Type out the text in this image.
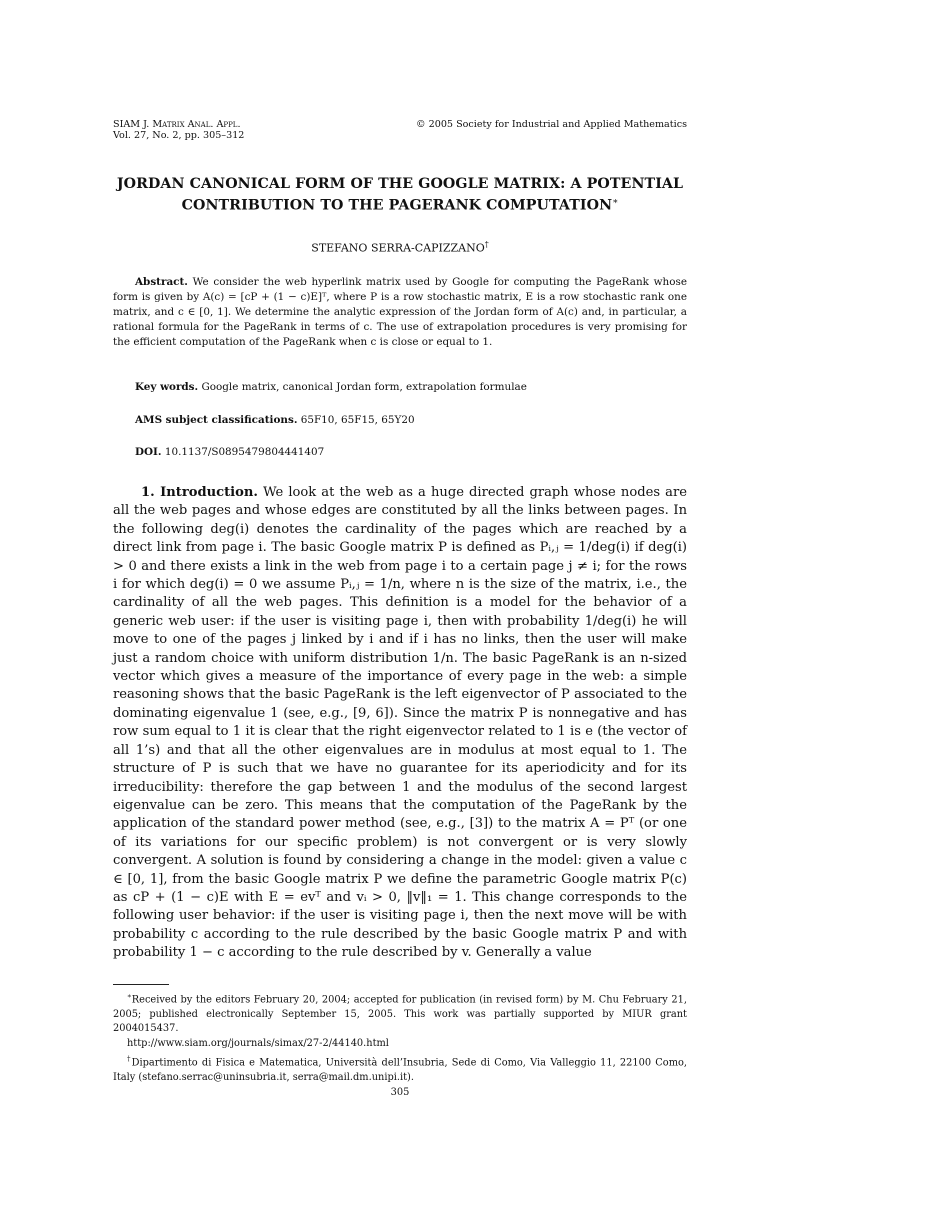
SIAM J. Matrix Anal. Appl.
Vol. 27, No. 2, pp. 305–312
© 2005 Society for Industrial and Applied Mathematics
JORDAN CANONICAL FORM OF THE GOOGLE MATRIX: A POTENTIAL CONTRIBUTION TO THE PAGERANK COMPUTATION∗
STEFANO SERRA-CAPIZZANO†
Abstract. We consider the web hyperlink matrix used by Google for computing the PageRank whose form is given by A(c) = [cP + (1 − c)E]ᵀ, where P is a row stochastic matrix, E is a row stochastic rank one matrix, and c ∈ [0, 1]. We determine the analytic expression of the Jordan form of A(c) and, in particular, a rational formula for the PageRank in terms of c. The use of extrapolation procedures is very promising for the efficient computation of the PageRank when c is close or equal to 1.
Key words. Google matrix, canonical Jordan form, extrapolation formulae
AMS subject classifications. 65F10, 65F15, 65Y20
DOI. 10.1137/S0895479804441407
1. Introduction. We look at the web as a huge directed graph whose nodes are all the web pages and whose edges are constituted by all the links between pages. In the following deg(i) denotes the cardinality of the pages which are reached by a direct link from page i. The basic Google matrix P is defined as Pᵢ,ⱼ = 1/deg(i) if deg(i) > 0 and there exists a link in the web from page i to a certain page j ≠ i; for the rows i for which deg(i) = 0 we assume Pᵢ,ⱼ = 1/n, where n is the size of the matrix, i.e., the cardinality of all the web pages. This definition is a model for the behavior of a generic web user: if the user is visiting page i, then with probability 1/deg(i) he will move to one of the pages j linked by i and if i has no links, then the user will make just a random choice with uniform distribution 1/n. The basic PageRank is an n-sized vector which gives a measure of the importance of every page in the web: a simple reasoning shows that the basic PageRank is the left eigenvector of P associated to the dominating eigenvalue 1 (see, e.g., [9, 6]). Since the matrix P is nonnegative and has row sum equal to 1 it is clear that the right eigenvector related to 1 is e (the vector of all 1’s) and that all the other eigenvalues are in modulus at most equal to 1. The structure of P is such that we have no guarantee for its aperiodicity and for its irreducibility: therefore the gap between 1 and the modulus of the second largest eigenvalue can be zero. This means that the computation of the PageRank by the application of the standard power method (see, e.g., [3]) to the matrix A = Pᵀ (or one of its variations for our specific problem) is not convergent or is very slowly convergent. A solution is found by considering a change in the model: given a value c ∈ [0, 1], from the basic Google matrix P we define the parametric Google matrix P(c) as cP + (1 − c)E with E = evᵀ and vᵢ > 0, ‖v‖₁ = 1. This change corresponds to the following user behavior: if the user is visiting page i, then the next move will be with probability c according to the rule described by the basic Google matrix P and with probability 1 − c according to the rule described by v. Generally a value

∗Received by the editors February 20, 2004; accepted for publication (in revised form) by M. Chu February 21, 2005; published electronically September 15, 2005. This work was partially supported by MIUR grant 2004015437.

http://www.siam.org/journals/simax/27-2/44140.html

†Dipartimento di Fisica e Matematica, Università dell’Insubria, Sede di Como, Via Valleggio 11, 22100 Como, Italy (stefano.serrac@uninsubria.it, serra@mail.dm.unipi.it).

305
